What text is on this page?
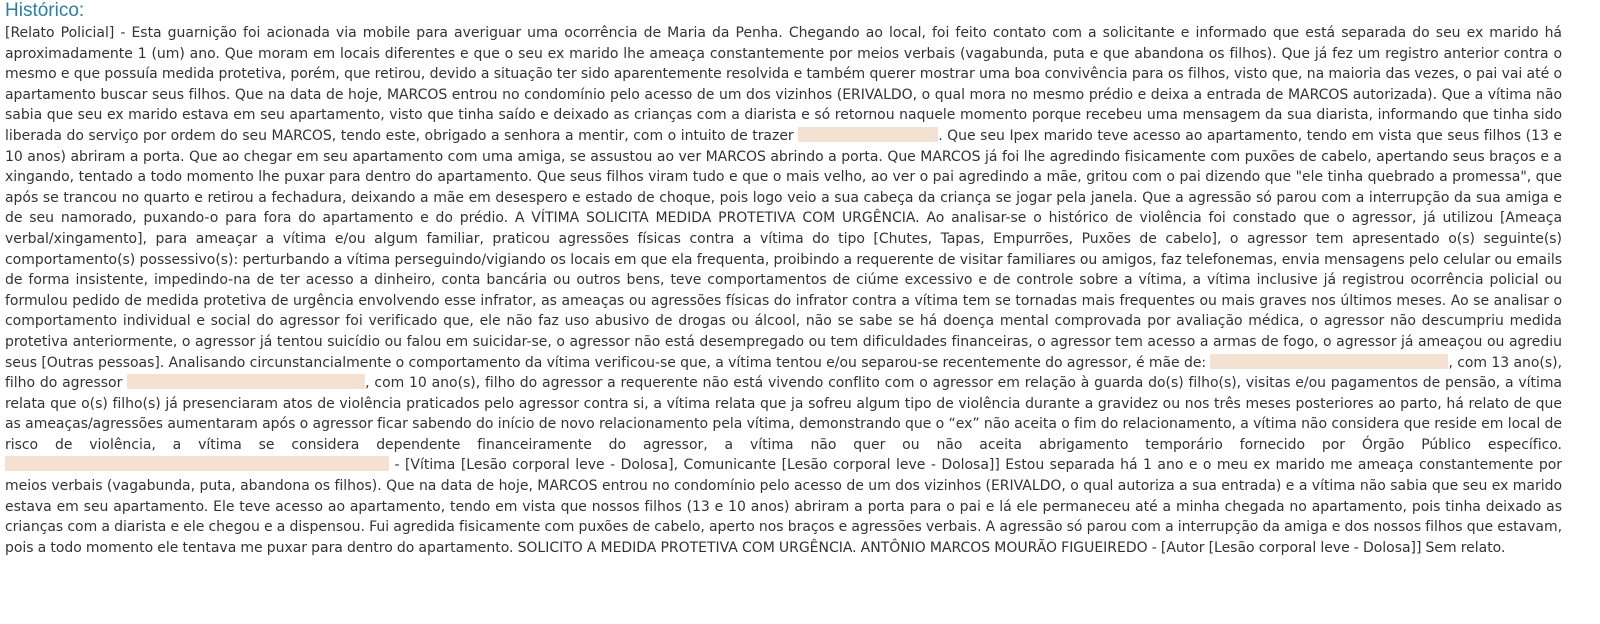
Histórico:
[Relato Policial] - Esta guarnição foi acionada via mobile para averiguar uma ocorrência de Maria da Penha. Chegando ao local, foi feito contato com a solicitante e informado que está separada do seu ex marido há aproximadamente 1 (um) ano. Que moram em locais diferentes e que o seu ex marido lhe ameaça constantemente por meios verbais (vagabunda, puta e que abandona os filhos). Que já fez um registro anterior contra o mesmo e que possuía medida protetiva, porém, que retirou, devido a situação ter sido aparentemente resolvida e também querer mostrar uma boa convivência para os filhos, visto que, na maioria das vezes, o pai vai até o apartamento buscar seus filhos. Que na data de hoje, MARCOS entrou no condomínio pelo acesso de um dos vizinhos (ERIVALDO, o qual mora no mesmo prédio e deixa a entrada de MARCOS autorizada). Que a vítima não sabia que seu ex marido estava em seu apartamento, visto que tinha saído e deixado as crianças com a diarista e só retornou naquele momento porque recebeu uma mensagem da sua diarista, informando que tinha sido liberada do serviço por ordem do seu MARCOS, tendo este, obrigado a senhora a mentir, com o intuito de trazer	. Que seu Ipex marido teve acesso ao apartamento, tendo em vista que seus filhos (13 e 10 anos) abriram a porta. Que ao chegar em seu apartamento com uma amiga, se assustou ao ver MARCOS abrindo a porta. Que MARCOS já foi lhe agredindo fisicamente com puxões de cabelo, apertando seus braços e a xingando, tentado a todo momento lhe puxar para dentro do apartamento. Que seus filhos viram tudo e que o mais velho, ao ver o pai agredindo a mãe, gritou com o pai dizendo que "ele tinha quebrado a promessa", que após se trancou no quarto e retirou a fechadura, deixando a mãe em desespero e estado de choque, pois logo veio a sua cabeça da criança se jogar pela janela. Que a agressão só parou com a interrupção da sua amiga e de seu namorado, puxando-o para fora do apartamento e do prédio. A VÍTIMA SOLICITA MEDIDA PROTETIVA COM URGÊNCIA. Ao analisar-se o histórico de violência foi constado que o agressor, já utilizou [Ameaça verbal/xingamento], para ameaçar a vítima e/ou algum familiar, praticou agressões físicas contra a vítima do tipo [Chutes, Tapas, Empurrões, Puxões de cabelo], o agressor tem apresentado o(s) seguinte(s) comportamento(s) possessivo(s): perturbando a vítima perseguindo/vigiando os locais em que ela frequenta, proibindo a requerente de visitar familiares ou amigos, faz telefonemas, envia mensagens pelo celular ou emails de forma insistente, impedindo-na de ter acesso a dinheiro, conta bancária ou outros bens, teve comportamentos de ciúme excessivo e de controle sobre a vítima, a vítima inclusive já registrou ocorrência policial ou formulou pedido de medida protetiva de urgência envolvendo esse infrator, as ameaças ou agressões físicas do infrator contra a vítima tem se tornadas mais frequentes ou mais graves nos últimos meses. Ao se analisar o comportamento individual e social do agressor foi verificado que, ele não faz uso abusivo de drogas ou álcool, não se sabe se há doença mental comprovada por avaliação médica, o agressor não descumpriu medida protetiva anteriormente, o agressor já tentou suicídio ou falou em suicidar-se, o agressor não está desempregado ou tem dificuldades financeiras, o agressor tem acesso a armas de fogo, o agressor já ameaçou ou agrediu seus [Outras pessoas]. Analisando circunstancialmente o comportamento da vítima verificou-se que, a vítima tentou e/ou separou-se recentemente do agressor, é mãe de:	, com 13 ano(s), filho do agressor	, com 10 ano(s), filho do agressor a requerente não está vivendo conflito com o agressor em relação à guarda do(s) filho(s), visitas e/ou pagamentos de pensão, a vítima relata que o(s) filho(s) já presenciaram atos de violência praticados pelo agressor contra si, a vítima relata que ja sofreu algum tipo de violência durante a gravidez ou nos três meses posteriores ao parto, há relato de que as ameaças/agressões aumentaram após o agressor ficar sabendo do início de novo relacionamento pela vítima, demonstrando que o “ex” não aceita o fim do relacionamento, a vítima não considera que reside em local de risco de violência, a vítima se considera dependente financeiramente do agressor, a vítima não quer ou não aceita abrigamento temporário fornecido por Órgão Público específico. - [Vítima [Lesão corporal leve - Dolosa], Comunicante [Lesão corporal leve - Dolosa]] Estou separada há 1 ano e o meu ex marido me ameaça constantemente por meios verbais (vagabunda, puta, abandona os filhos). Que na data de hoje, MARCOS entrou no condomínio pelo acesso de um dos vizinhos (ERIVALDO, o qual autoriza a sua entrada) e a vítima não sabia que seu ex marido estava em seu apartamento. Ele teve acesso ao apartamento, tendo em vista que nossos filhos (13 e 10 anos) abriram a porta para o pai e lá ele permaneceu até a minha chegada no apartamento, pois tinha deixado as crianças com a diarista e ele chegou e a dispensou. Fui agredida fisicamente com puxões de cabelo, aperto nos braços e agressões verbais. A agressão só parou com a interrupção da amiga e dos nossos filhos que estavam, pois a todo momento ele tentava me puxar para dentro do apartamento. SOLICITO A MEDIDA PROTETIVA COM URGÊNCIA. ANTÔNIO MARCOS MOURÃO FIGUEIREDO - [Autor [Lesão corporal leve - Dolosa]] Sem relato.
